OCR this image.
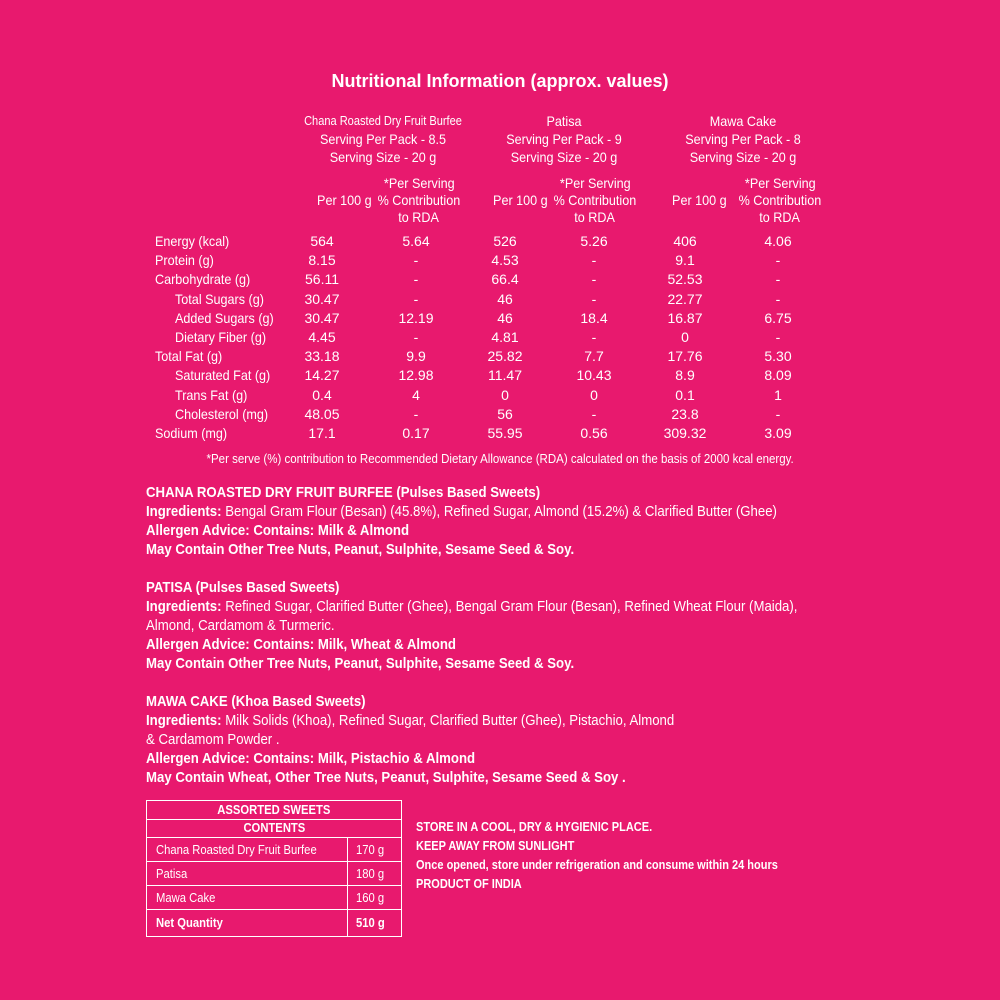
Nutritional Information (approx. values)
Chana Roasted Dry Fruit Burfee
Serving Per Pack - 8.5
Serving Size - 20 g
Patisa
Serving Per Pack - 9
Serving Size - 20 g
Mawa Cake
Serving Per Pack - 8
Serving Size - 20 g
Per 100 g
*Per Serving
% Contribution
to RDA
Per 100 g
*Per Serving
% Contribution
to RDA
Per 100 g
*Per Serving
% Contribution
to RDA
Energy (kcal)	564	5.64	526	5.26	406	4.06
Protein (g)	8.15	-	4.53	-	9.1	-
Carbohydrate (g)	56.11	-	66.4	-	52.53	-
Total Sugars (g)	30.47	-	46	-	22.77	-
Added Sugars (g)	30.47	12.19	46	18.4	16.87	6.75
Dietary Fiber (g)	4.45	-	4.81	-	0	-
Total Fat (g)	33.18	9.9	25.82	7.7	17.76	5.30
Saturated Fat (g)	14.27	12.98	11.47	10.43	8.9	8.09
Trans Fat (g)	0.4	4	0	0	0.1	1
Cholesterol (mg)	48.05	-	56	-	23.8	-
Sodium (mg)	17.1	0.17	55.95	0.56	309.32	3.09
*Per serve (%) contribution to Recommended Dietary Allowance (RDA) calculated on the basis of 2000 kcal energy.
CHANA ROASTED DRY FRUIT BURFEE (Pulses Based Sweets)
Ingredients: Bengal Gram Flour (Besan) (45.8%), Refined Sugar, Almond (15.2%) & Clarified Butter (Ghee)
Allergen Advice: Contains: Milk & Almond
May Contain Other Tree Nuts, Peanut, Sulphite, Sesame Seed & Soy.
PATISA (Pulses Based Sweets)
Ingredients: Refined Sugar, Clarified Butter (Ghee), Bengal Gram Flour (Besan), Refined Wheat Flour (Maida),
Almond, Cardamom & Turmeric.
Allergen Advice: Contains: Milk, Wheat & Almond
May Contain Other Tree Nuts, Peanut, Sulphite, Sesame Seed & Soy.
MAWA CAKE (Khoa Based Sweets)
Ingredients: Milk Solids (Khoa), Refined Sugar, Clarified Butter (Ghee), Pistachio, Almond
& Cardamom Powder .
Allergen Advice: Contains: Milk, Pistachio & Almond
May Contain Wheat, Other Tree Nuts, Peanut, Sulphite, Sesame Seed & Soy .
ASSORTED SWEETS
CONTENTS
Chana Roasted Dry Fruit Burfee	170 g
Patisa	180 g
Mawa Cake	160 g
Net Quantity	510 g
STORE IN A COOL, DRY & HYGIENIC PLACE.
KEEP AWAY FROM SUNLIGHT
Once opened, store under refrigeration and consume within 24 hours
PRODUCT OF INDIA
